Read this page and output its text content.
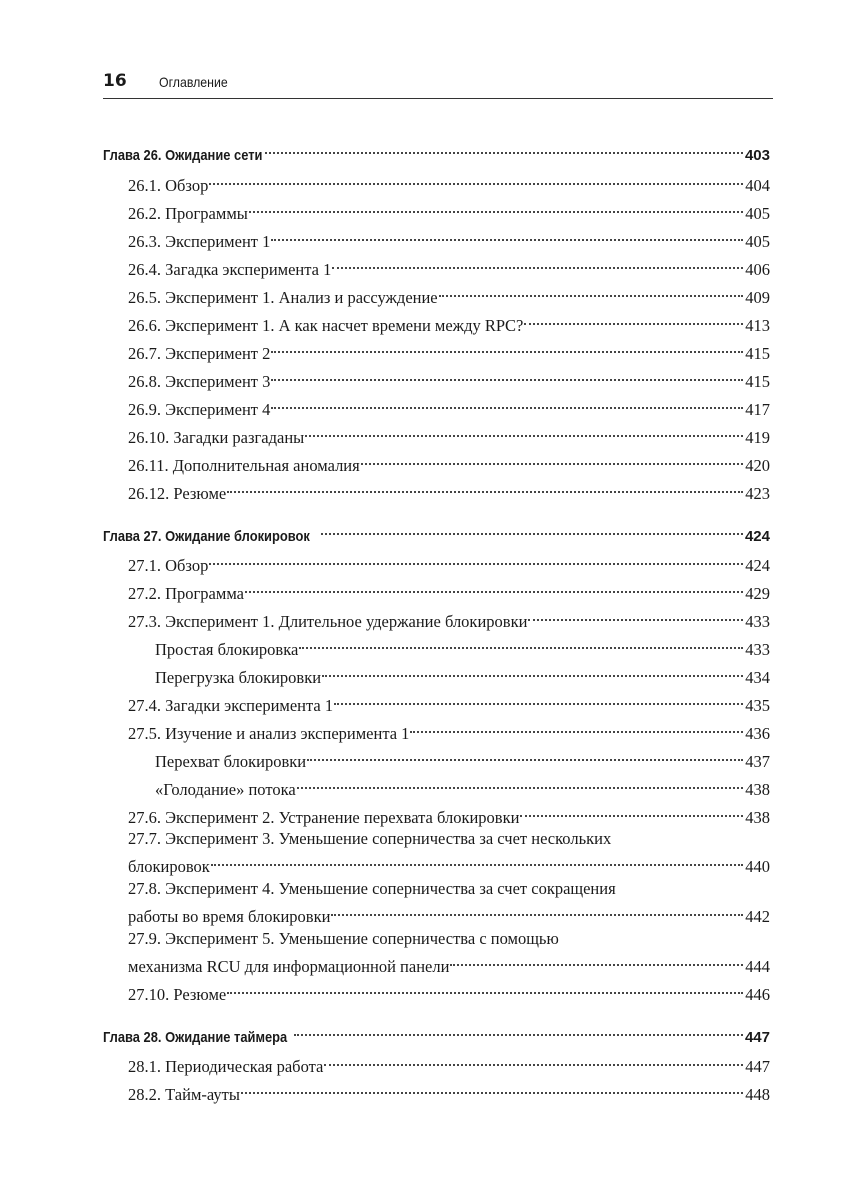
16 Оглавление
Глава 26. Ожидание сети	403
26.1. Обзор	404
26.2. Программы	405
26.3. Эксперимент 1	405
26.4. Загадка эксперимента 1	406
26.5. Эксперимент 1. Анализ и рассуждение	409
26.6. Эксперимент 1. А как насчет времени между RPC?	413
26.7. Эксперимент 2	415
26.8. Эксперимент 3	415
26.9. Эксперимент 4	417
26.10. Загадки разгаданы	419
26.11. Дополнительная аномалия	420
26.12. Резюме	423
Глава 27. Ожидание блокировок	424
27.1. Обзор	424
27.2. Программа	429
27.3. Эксперимент 1. Длительное удержание блокировки	433
Простая блокировка	433
Перегрузка блокировки	434
27.4. Загадки эксперимента 1	435
27.5. Изучение и анализ эксперимента 1	436
Перехват блокировки	437
«Голодание» потока	438
27.6. Эксперимент 2. Устранение перехвата блокировки	438
27.7. Эксперимент 3. Уменьшение соперничества за счет нескольких
блокировок	440
27.8. Эксперимент 4. Уменьшение соперничества за счет сокращения
работы во время блокировки	442
27.9. Эксперимент 5. Уменьшение соперничества с помощью
механизма RCU для информационной панели	444
27.10. Резюме	446
Глава 28. Ожидание таймера	447
28.1. Периодическая работа	447
28.2. Тайм-ауты	448
